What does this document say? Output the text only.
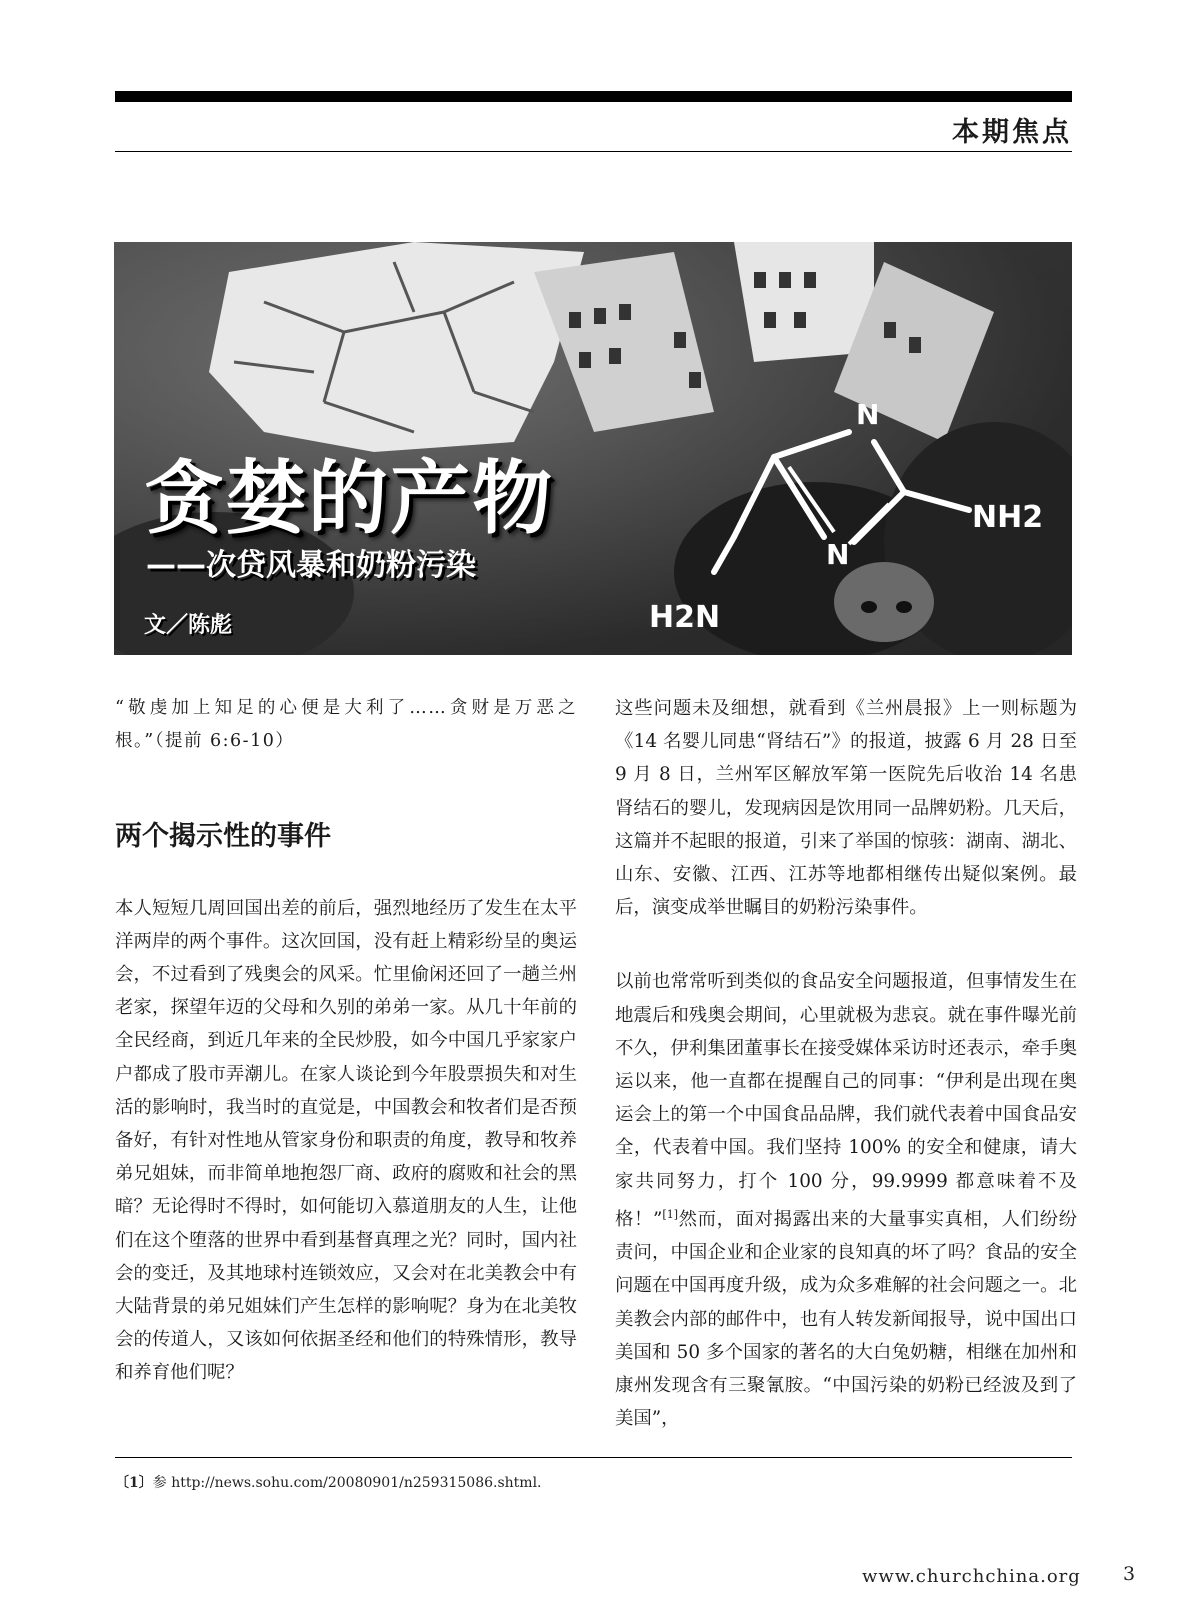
本期焦点
N
N
NH2
H2N
贪婪的产物
——次贷风暴和奶粉污染
文／陈彪

“敬虔加上知足的心便是大利了……贪财是万恶之根。”（提前 6:6-10）

两个揭示性的事件

本人短短几周回国出差的前后，强烈地经历了发生在太平洋两岸的两个事件。这次回国，没有赶上精彩纷呈的奥运会，不过看到了残奥会的风采。忙里偷闲还回了一趟兰州老家，探望年迈的父母和久别的弟弟一家。从几十年前的全民经商，到近几年来的全民炒股，如今中国几乎家家户户都成了股市弄潮儿。在家人谈论到今年股票损失和对生活的影响时，我当时的直觉是，中国教会和牧者们是否预备好，有针对性地从管家身份和职责的角度，教导和牧养弟兄姐妹，而非简单地抱怨厂商、政府的腐败和社会的黑暗？无论得时不得时，如何能切入慕道朋友的人生，让他们在这个堕落的世界中看到基督真理之光？同时，国内社会的变迁，及其地球村连锁效应，又会对在北美教会中有大陆背景的弟兄姐妹们产生怎样的影响呢？身为在北美牧会的传道人，又该如何依据圣经和他们的特殊情形，教导和养育他们呢？

这些问题未及细想，就看到《兰州晨报》上一则标题为《14 名婴儿同患“肾结石”》的报道，披露 6 月 28 日至 9 月 8 日，兰州军区解放军第一医院先后收治 14 名患肾结石的婴儿，发现病因是饮用同一品牌奶粉。几天后，这篇并不起眼的报道，引来了举国的惊骇：湖南、湖北、山东、安徽、江西、江苏等地都相继传出疑似案例。最后，演变成举世瞩目的奶粉污染事件。

以前也常常听到类似的食品安全问题报道，但事情发生在地震后和残奥会期间，心里就极为悲哀。就在事件曝光前不久，伊利集团董事长在接受媒体采访时还表示，牵手奥运以来，他一直都在提醒自己的同事：“伊利是出现在奥运会上的第一个中国食品品牌，我们就代表着中国食品安全，代表着中国。我们坚持 100% 的安全和健康，请大家共同努力，打个 100 分，99.9999 都意味着不及格！”[1]然而，面对揭露出来的大量事实真相，人们纷纷责问，中国企业和企业家的良知真的坏了吗？食品的安全问题在中国再度升级，成为众多难解的社会问题之一。北美教会内部的邮件中，也有人转发新闻报导，说中国出口美国和 50 多个国家的著名的大白兔奶糖，相继在加州和康州发现含有三聚氰胺。“中国污染的奶粉已经波及到了美国”，

〔1〕参 http://news.sohu.com/20080901/n259315086.shtml.
www.churchchina.org 3
